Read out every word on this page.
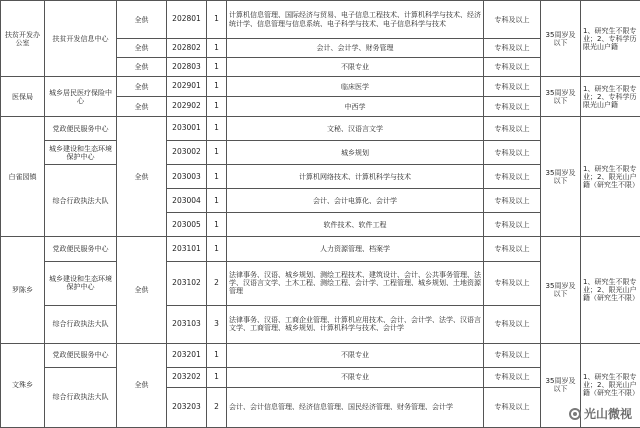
扶贫开发办公室	扶贫开发信息中心	全供	202801	1	计算机信息管理、国际经济与贸易、电子信息工程技术、计算机科学与技术、经济统计学、信息管理与信息系统、电子科学与技术、电子信息科学与技术	专科及以上	35周岁及以下	1、研究生不限专业；2、专科学历限光山户籍
		全供	202802	1	会计、会计学、财务管理	专科及以上		
		全供	202803	1	不限专业	专科及以上		
医保局	城乡居民医疗保险中心	全供	202901	1	临床医学	专科及以上	35周岁及以下	1、研究生不限专业；2、专科学历限光山户籍
		全供	202902	1	中西学	专科及以上		
白雀园镇	党政便民服务中心	全供	203001	1	文秘、汉语言文学	专科及以上	35周岁及以下	1、研究生不限专业；2、限光山户籍（研究生不限）
	城乡建设和生态环境保护中心		203002	1	城乡规划	专科及以上		
	综合行政执法大队		203003	1	计算机网络技术、计算机科学与技术	专科及以上		
			203004	1	会计、会计电算化、会计学	专科及以上		
			203005	1	软件技术、软件工程	专科及以上		
罗陈乡	党政便民服务中心	全供	203101	1	人力资源管理、档案学	专科及以上	35周岁及以下	1、研究生不限专业；2、限光山户籍（研究生不限）
	城乡建设和生态环境保护中心		203102	2	法律事务、汉语、城乡规划、测绘工程技术、建筑设计、会计、公共事务管理、法学、汉语言文学、土木工程、测绘工程、会计学、工程管理、城乡规划、土地资源管理	专科及以上		
	综合行政执法大队		203103	3	法律事务、汉语、工商企业管理、计算机应用技术、会计、会计学、法学、汉语言文学、工商管理、城乡规划、计算机科学与技术、会计学	专科及以上		
文殊乡	党政便民服务中心	全供	203201	1	不限专业	专科及以上	35周岁及以下	1、研究生不限专业；2、限光山户籍（研究生不限）
	综合行政执法大队		203202	1	不限专业	专科及以上		
			203203	2	会计、会计信息管理、经济信息管理、国民经济管理、财务管理、会计学	专科及以上			光山微视
